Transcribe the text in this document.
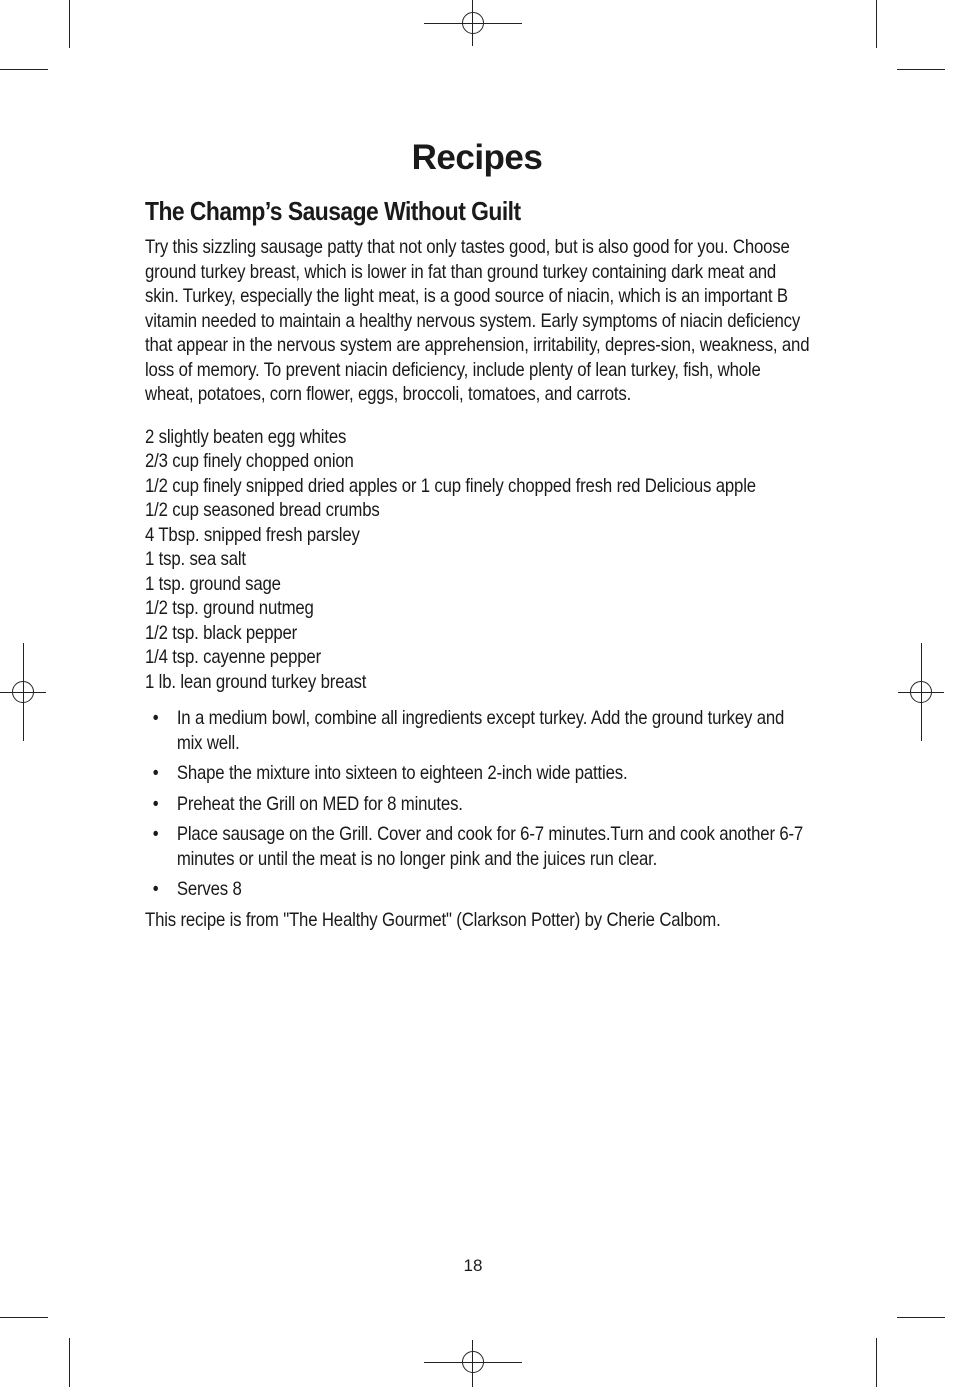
Recipes
The Champ’s Sausage Without Guilt
Try this sizzling sausage patty that not only tastes good, but is also good for you. Choose ground turkey breast, which is lower in fat than ground turkey containing dark meat and skin. Turkey, especially the light meat, is a good source of niacin, which is an important B vitamin needed to maintain a healthy nervous system. Early symptoms of niacin deficiency that appear in the nervous system are apprehension, irritability, depres-sion, weakness, and loss of memory. To prevent niacin deficiency, include plenty of lean turkey, fish, whole wheat, potatoes, corn flower, eggs, broccoli, tomatoes, and carrots.
2 slightly beaten egg whites
2/3 cup finely chopped onion
1/2 cup finely snipped dried apples or 1 cup finely chopped fresh red Delicious apple
1/2 cup seasoned bread crumbs
4 Tbsp. snipped fresh parsley
1 tsp. sea salt
1 tsp. ground sage
1/2 tsp. ground nutmeg
1/2 tsp. black pepper
1/4 tsp. cayenne pepper
1 lb. lean ground turkey breast
• In a medium bowl, combine all ingredients except turkey. Add the ground turkey and mix well.
• Shape the mixture into sixteen to eighteen 2-inch wide patties.
• Preheat the Grill on MED for 8 minutes.
• Place sausage on the Grill. Cover and cook for 6-7 minutes.Turn and cook another 6-7 minutes or until the meat is no longer pink and the juices run clear.
• Serves 8
This recipe is from "The Healthy Gourmet" (Clarkson Potter) by Cherie Calbom.
18
